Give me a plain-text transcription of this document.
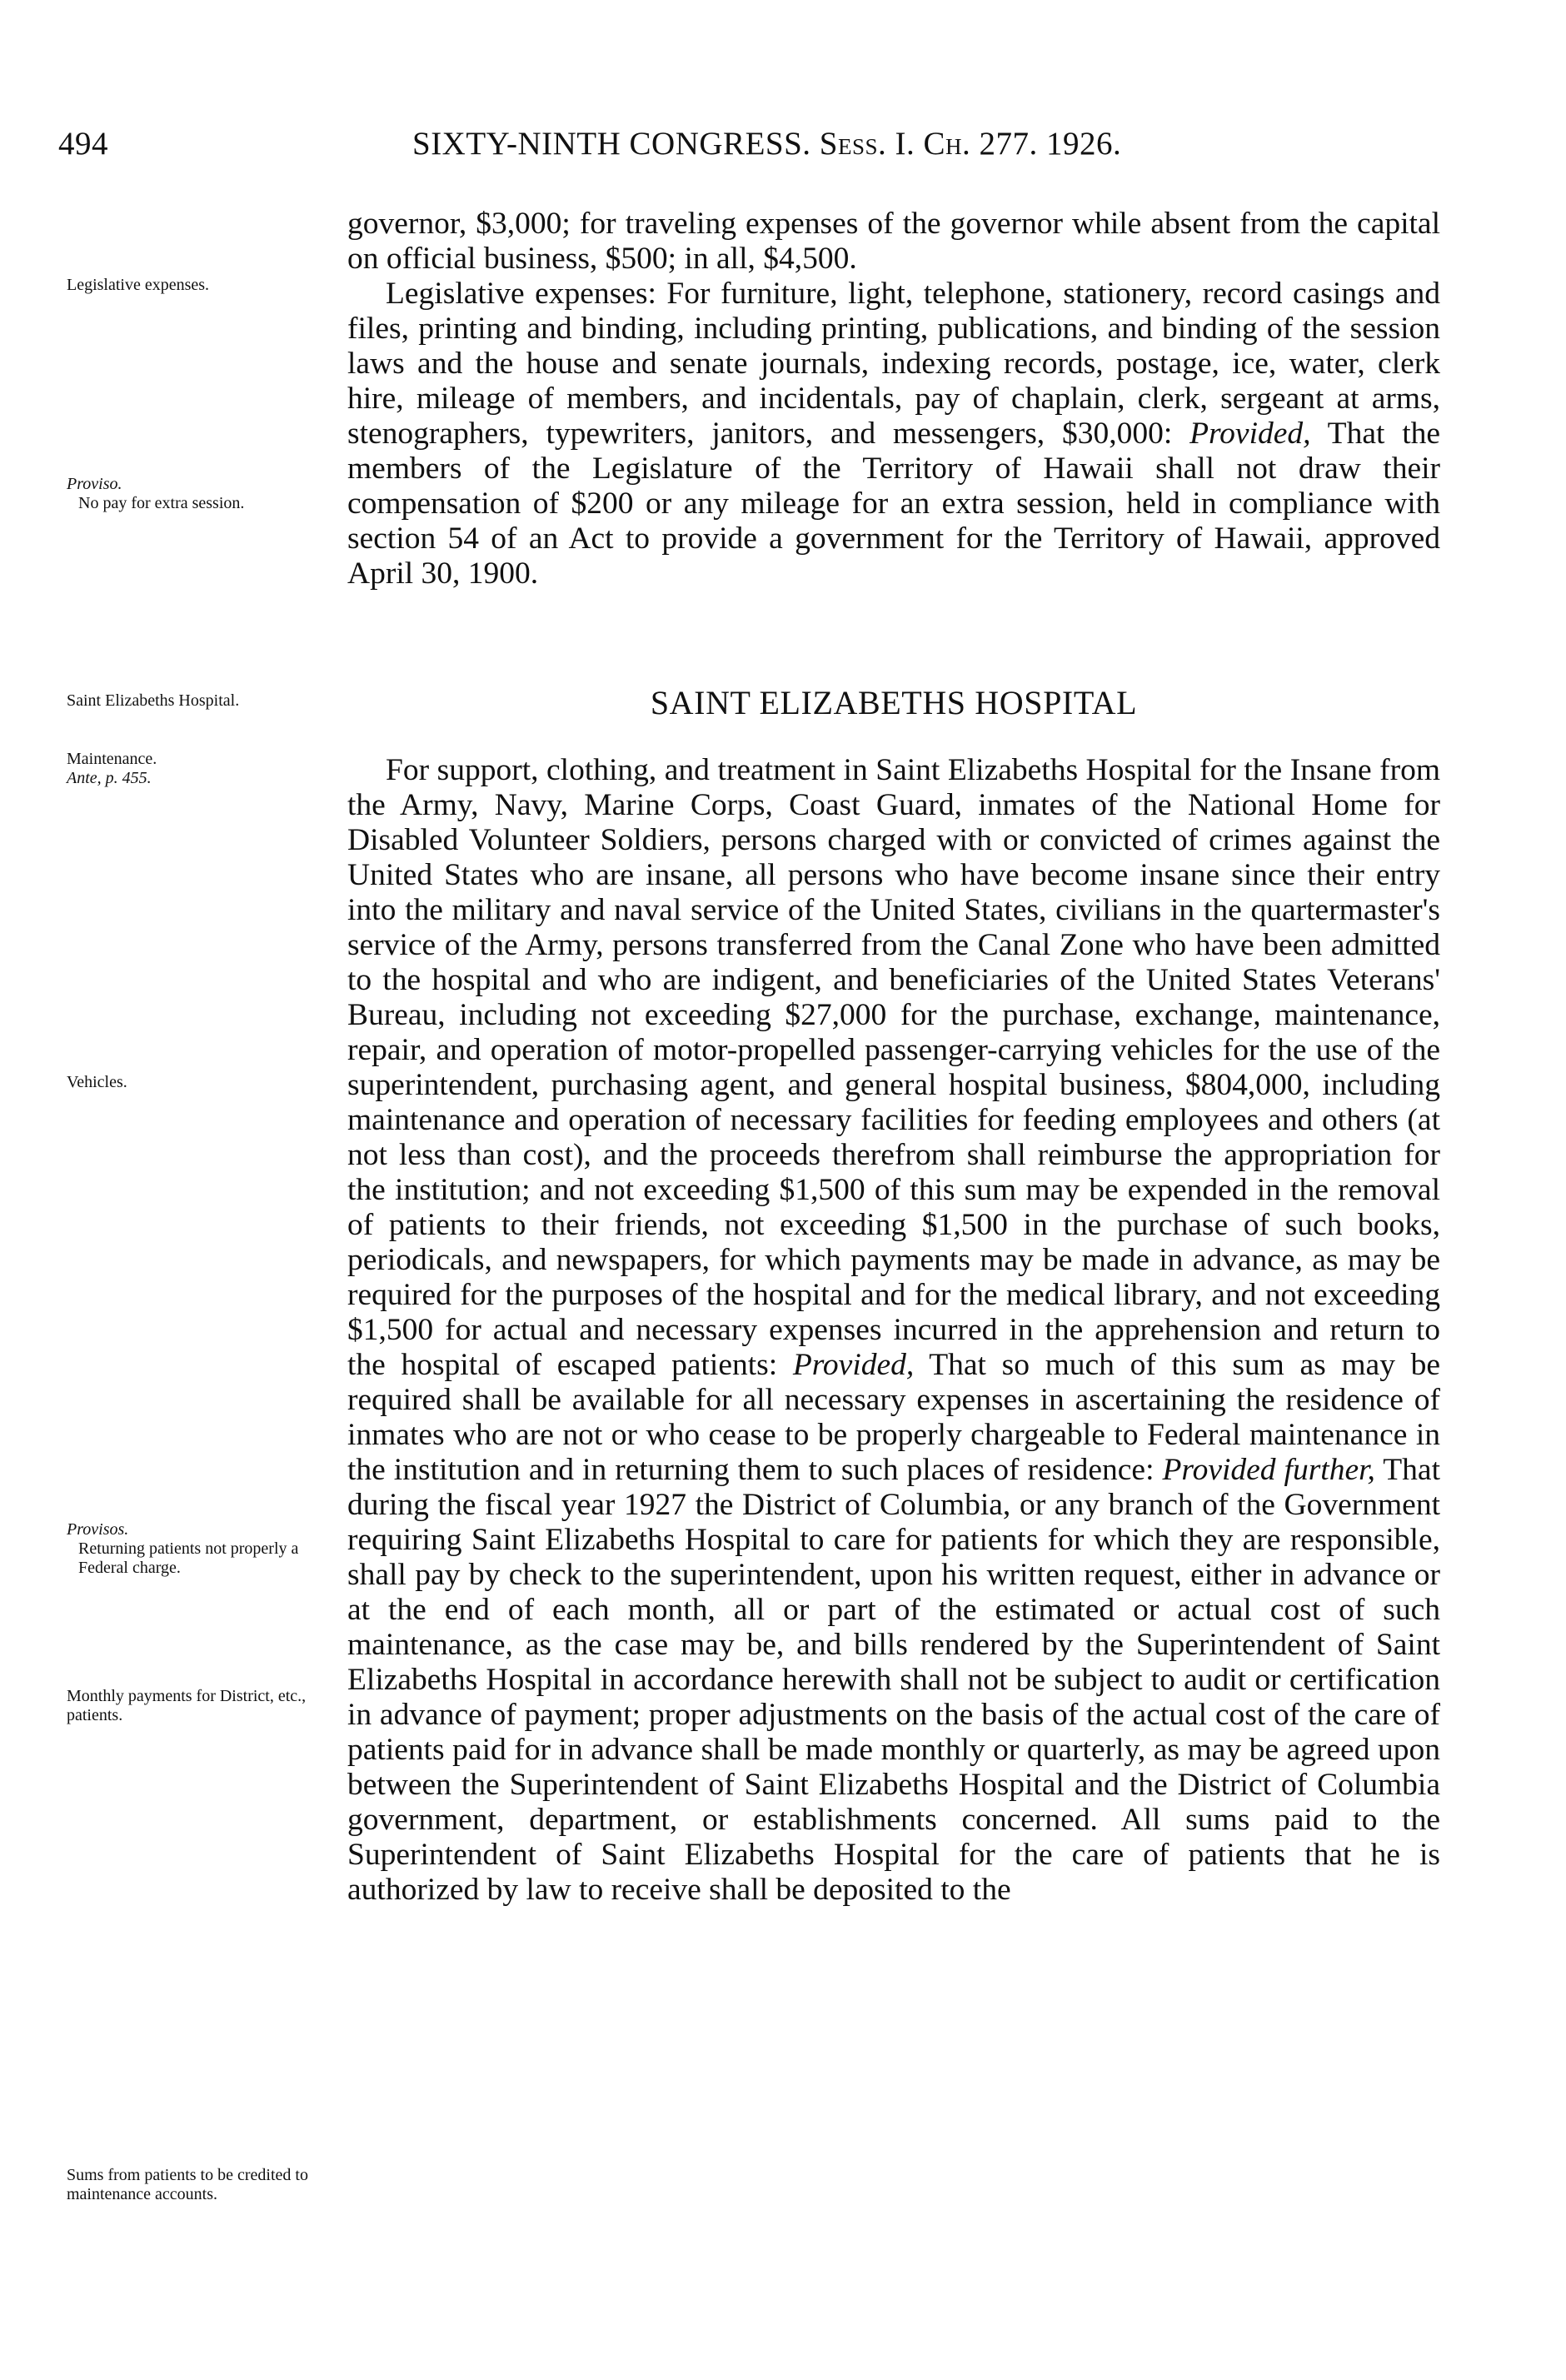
494	SIXTY-NINTH CONGRESS. Sess. I. Ch. 277. 1926.

governor, $3,000; for traveling expenses of the governor while absent from the capital on official business, $500; in all, $4,500.

Legislative expenses: For furniture, light, telephone, stationery, record casings and files, printing and binding, including printing, publications, and binding of the session laws and the house and senate journals, indexing records, postage, ice, water, clerk hire, mileage of members, and incidentals, pay of chaplain, clerk, sergeant at arms, stenographers, typewriters, janitors, and messengers, $30,000: Provided, That the members of the Legislature of the Territory of Hawaii shall not draw their compensation of $200 or any mileage for an extra session, held in compliance with section 54 of an Act to provide a government for the Territory of Hawaii, approved April 30, 1900.

SAINT ELIZABETHS HOSPITAL

For support, clothing, and treatment in Saint Elizabeths Hospital for the Insane from the Army, Navy, Marine Corps, Coast Guard, inmates of the National Home for Disabled Volunteer Soldiers, persons charged with or convicted of crimes against the United States who are insane, all persons who have become insane since their entry into the military and naval service of the United States, civilians in the quartermaster's service of the Army, persons transferred from the Canal Zone who have been admitted to the hospital and who are indigent, and beneficiaries of the United States Veterans' Bureau, including not exceeding $27,000 for the purchase, exchange, maintenance, repair, and operation of motor-propelled passenger-carrying vehicles for the use of the superintendent, purchasing agent, and general hospital business, $804,000, including maintenance and operation of necessary facilities for feeding employees and others (at not less than cost), and the proceeds therefrom shall reimburse the appropriation for the institution; and not exceeding $1,500 of this sum may be expended in the removal of patients to their friends, not exceeding $1,500 in the purchase of such books, periodicals, and newspapers, for which payments may be made in advance, as may be required for the purposes of the hospital and for the medical library, and not exceeding $1,500 for actual and necessary expenses incurred in the apprehension and return to the hospital of escaped patients: Provided, That so much of this sum as may be required shall be available for all necessary expenses in ascertaining the residence of inmates who are not or who cease to be properly chargeable to Federal maintenance in the institution and in returning them to such places of residence: Provided further, That during the fiscal year 1927 the District of Columbia, or any branch of the Government requiring Saint Elizabeths Hospital to care for patients for which they are responsible, shall pay by check to the superintendent, upon his written request, either in advance or at the end of each month, all or part of the estimated or actual cost of such maintenance, as the case may be, and bills rendered by the Superintendent of Saint Elizabeths Hospital in accordance herewith shall not be subject to audit or certification in advance of payment; proper adjustments on the basis of the actual cost of the care of patients paid for in advance shall be made monthly or quarterly, as may be agreed upon between the Superintendent of Saint Elizabeths Hospital and the District of Columbia government, department, or establishments concerned. All sums paid to the Superintendent of Saint Elizabeths Hospital for the care of patients that he is authorized by law to receive shall be deposited to the

Legislative expenses.
Proviso.
No pay for extra session.
Saint Elizabeths Hospital.
Maintenance.
Ante, p. 455.
Vehicles.
Provisos.
Returning patients not properly a Federal charge.
Monthly payments for District, etc., patients.
Sums from patients to be credited to maintenance accounts.
